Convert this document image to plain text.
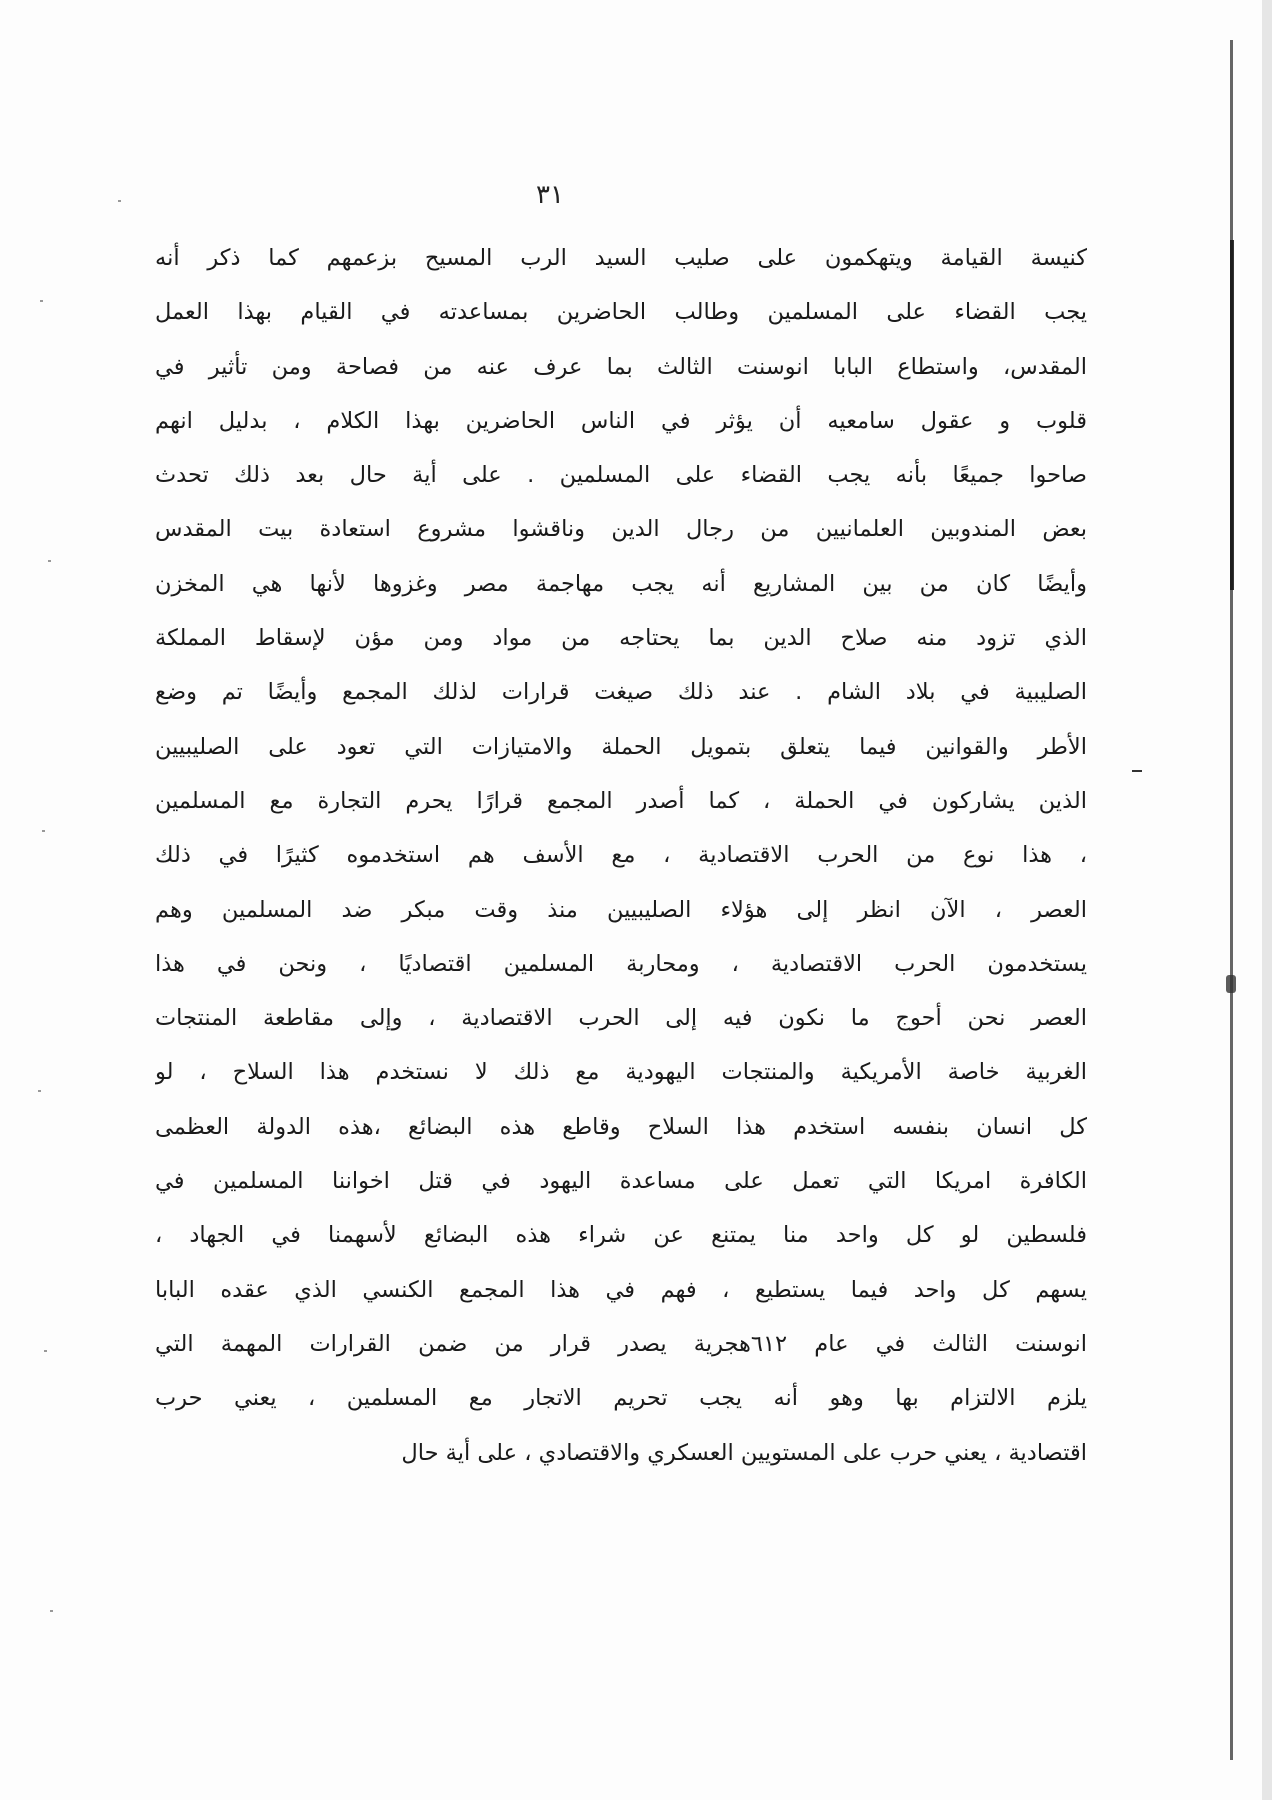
٣١
كنيسة القيامة ويتهكمون على صليب السيد الرب المسيح بزعمهم كما ذكر أنه
يجب القضاء على المسلمين وطالب الحاضرين بمساعدته في القيام بهذا العمل
المقدس، واستطاع البابا انوسنت الثالث بما عرف عنه من فصاحة ومن تأثير في
قلوب و عقول سامعيه أن يؤثر في الناس الحاضرين بهذا الكلام ، بدليل انهم
صاحوا جميعًا بأنه يجب القضاء على المسلمين . على أية حال بعد ذلك تحدث
بعض المندوبين العلمانيين من رجال الدين وناقشوا مشروع استعادة بيت المقدس
وأيضًا كان من بين المشاريع أنه يجب مهاجمة مصر وغزوها لأنها هي المخزن
الذي تزود منه صلاح الدين بما يحتاجه من مواد ومن مؤن لإسقاط المملكة
الصليبية في بلاد الشام . عند ذلك صيغت قرارات لذلك المجمع وأيضًا تم وضع
الأطر والقوانين فيما يتعلق بتمويل الحملة والامتيازات التي تعود على الصليبيين
الذين يشاركون في الحملة ، كما أصدر المجمع قرارًا يحرم التجارة مع المسلمين
، هذا نوع من الحرب الاقتصادية ، مع الأسف هم استخدموه كثيرًا في ذلك
العصر ، الآن انظر إلى هؤلاء الصليبيين منذ وقت مبكر ضد المسلمين وهم
يستخدمون الحرب الاقتصادية ، ومحاربة المسلمين اقتصاديًا ، ونحن في هذا
العصر نحن أحوج ما نكون فيه إلى الحرب الاقتصادية ، وإلى مقاطعة المنتجات
الغربية خاصة الأمريكية والمنتجات اليهودية مع ذلك لا نستخدم هذا السلاح ، لو
كل انسان بنفسه استخدم هذا السلاح وقاطع هذه البضائع ،هذه الدولة العظمى
الكافرة امريكا التي تعمل على مساعدة اليهود في قتل اخواننا المسلمين في
فلسطين لو كل واحد منا يمتنع عن شراء هذه البضائع لأسهمنا في الجهاد ،
يسهم كل واحد فيما يستطيع ، فهم في هذا المجمع الكنسي الذي عقده البابا
انوسنت الثالث في عام ٦١٢هجرية يصدر قرار من ضمن القرارات المهمة التي
يلزم الالتزام بها وهو أنه يجب تحريم الاتجار مع المسلمين ، يعني حرب
اقتصادية ، يعني حرب على المستويين العسكري والاقتصادي ، على أية حال
